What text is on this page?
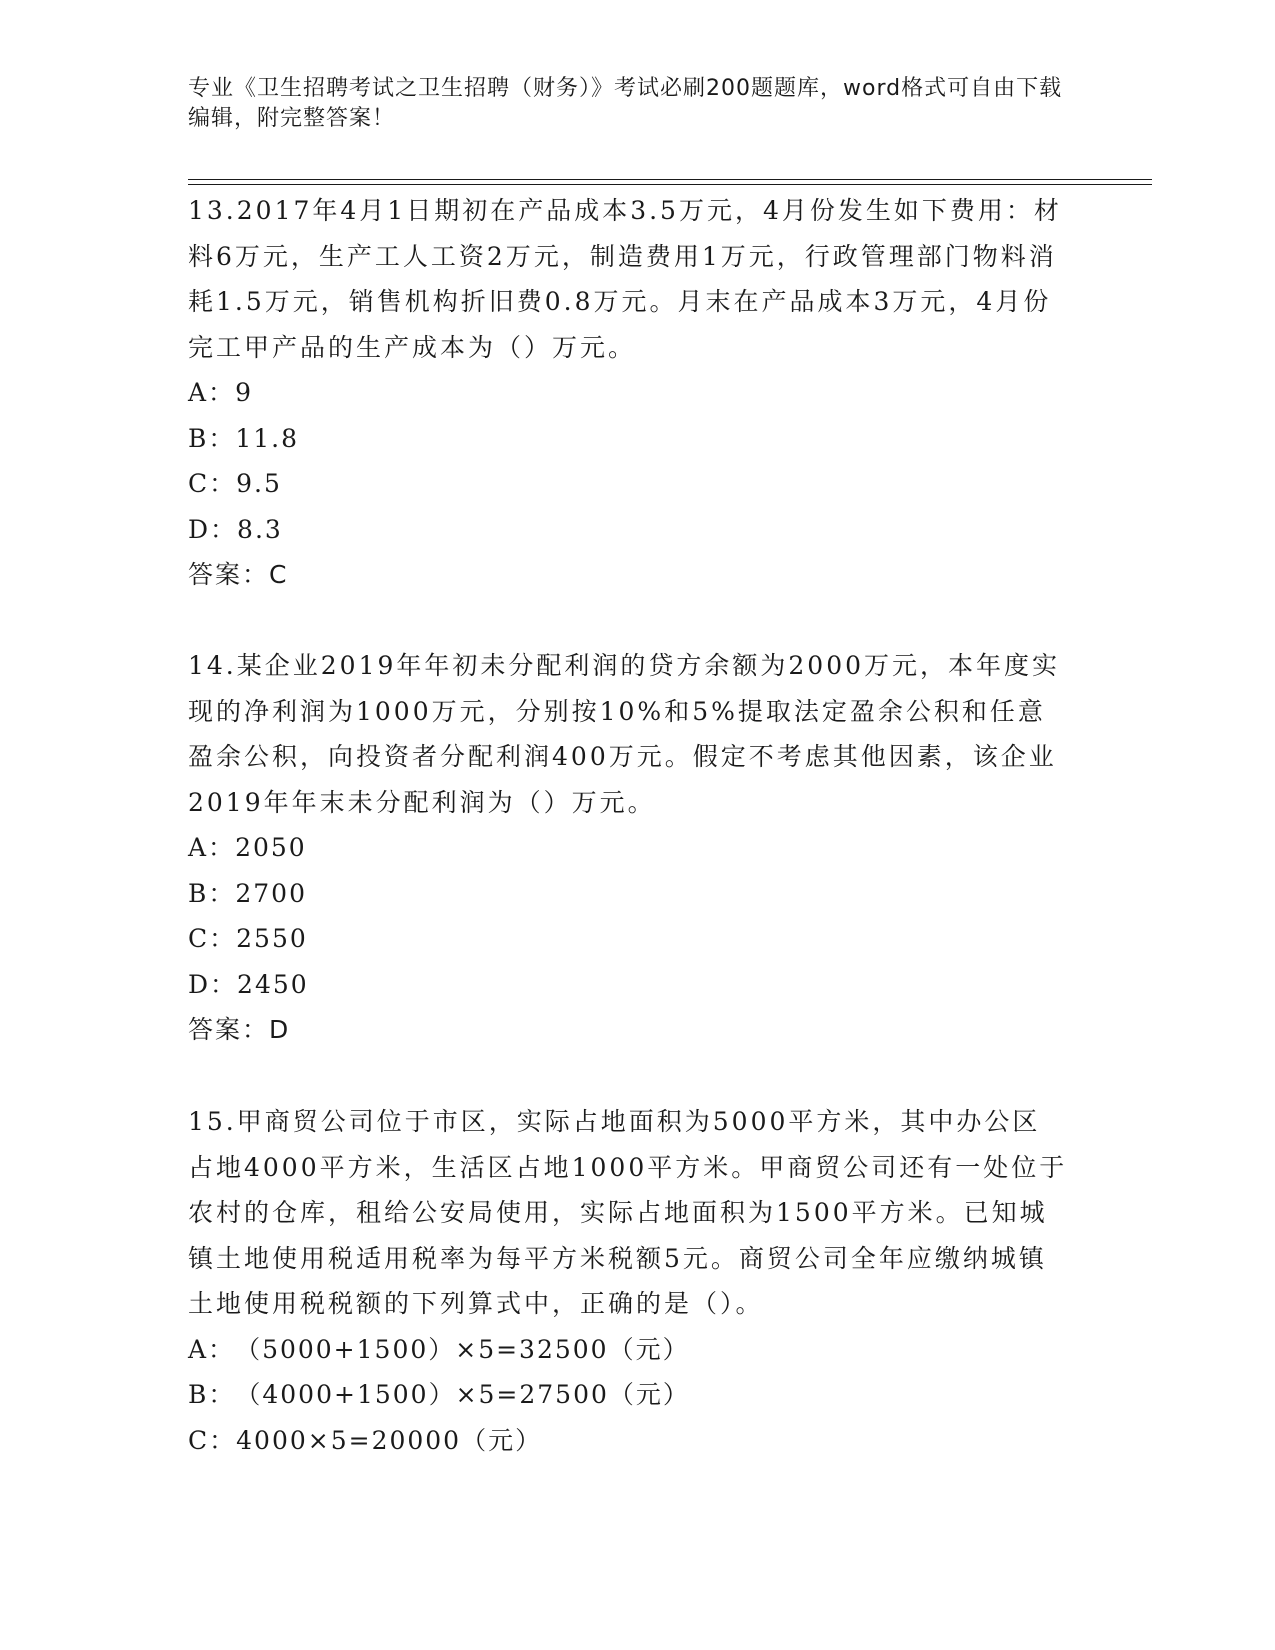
专业《卫生招聘考试之卫生招聘（财务）》考试必刷200题题库，word格式可自由下载编辑，附完整答案！

13.2017年4月1日期初在产品成本3.5万元，4月份发生如下费用：材料6万元，生产工人工资2万元，制造费用1万元，行政管理部门物料消耗1.5万元，销售机构折旧费0.8万元。月末在产品成本3万元，4月份完工甲产品的生产成本为（）万元。

A：9

B：11.8

C：9.5

D：8.3

答案：C

14.某企业2019年年初未分配利润的贷方余额为2000万元，本年度实现的净利润为1000万元，分别按10%和5%提取法定盈余公积和任意盈余公积，向投资者分配利润400万元。假定不考虑其他因素，该企业2019年年末未分配利润为（）万元。

A：2050

B：2700

C：2550

D：2450

答案：D

15.甲商贸公司位于市区，实际占地面积为5000平方米，其中办公区占地4000平方米，生活区占地1000平方米。甲商贸公司还有一处位于农村的仓库，租给公安局使用，实际占地面积为1500平方米。已知城镇土地使用税适用税率为每平方米税额5元。商贸公司全年应缴纳城镇土地使用税税额的下列算式中，正确的是（）。

A：（5000+1500）×5=32500（元）

B：（4000+1500）×5=27500（元）

C：4000×5=20000（元）
